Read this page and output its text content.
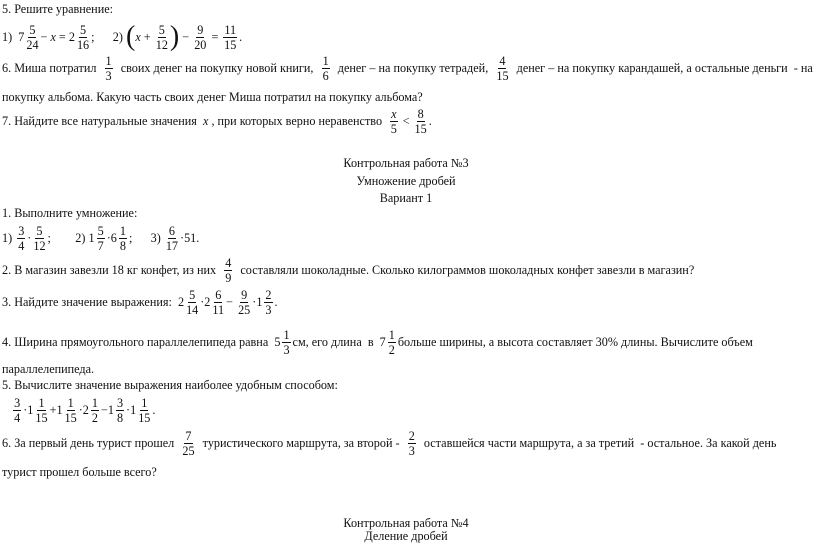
5. Решите уравнение:
1)  $7 \frac{5}{24} - x = 2 \frac{5}{16}$ ;      2) ( $x + \frac{5}{12}$ ) − $\frac{9}{20} = \frac{11}{15}$ .
6. Миша потратил $\frac{1}{3}$ своих денег на покупку новой книги, $\frac{1}{6}$ денег – на покупку тетрадей, $\frac{4}{15}$ денег – на покупку карандашей, а остальные деньги  - на
покупку альбома. Какую часть своих денег Миша потратил на покупку альбома?
7. Найдите все натуральные значения x , при которых верно неравенство $\frac{x}{5} < \frac{8}{15}$ .
Контрольная работа №3
Умножение дробей
Вариант 1
1. Выполните умножение:
$1) \frac{3}{4} \cdot \frac{5}{12}$ ;        2) $1 \frac{5}{7} \cdot 6 \frac{1}{8}$ ;      $3) \frac{6}{17} \cdot 51$.
2. В магазин завезли 18 кг конфет, из них $\frac{4}{9}$ составляли шоколадные. Сколько килограммов шоколадных конфет завезли в магазин?
3. Найдите значение выражения:  $2 \frac{5}{14} \cdot 2 \frac{6}{11} - \frac{9}{25} \cdot 1 \frac{2}{3}$ .
4. Ширина прямоугольного параллелепипеда равна  $5 \frac{1}{3}$ см, его длина  в  $7 \frac{1}{2}$ больше ширины, а высота составляет 30% длины. Вычислите объем
параллелепипеда.
5. Вычислите значение выражения наиболее удобным способом:

$\frac{3}{4} \cdot 1 \frac{1}{15} +1 \frac{1}{15} \cdot 2 \frac{1}{2} -1 \frac{3}{8} \cdot 1 \frac{1}{15}$ .
6. За первый день турист прошел $\frac{7}{25}$ туристического маршрута, за второй - $\frac{2}{3}$ оставшейся части маршрута, а за третий  - остальное. За какой день
турист прошел больше всего?
Контрольная работа №4
Деление дробей
